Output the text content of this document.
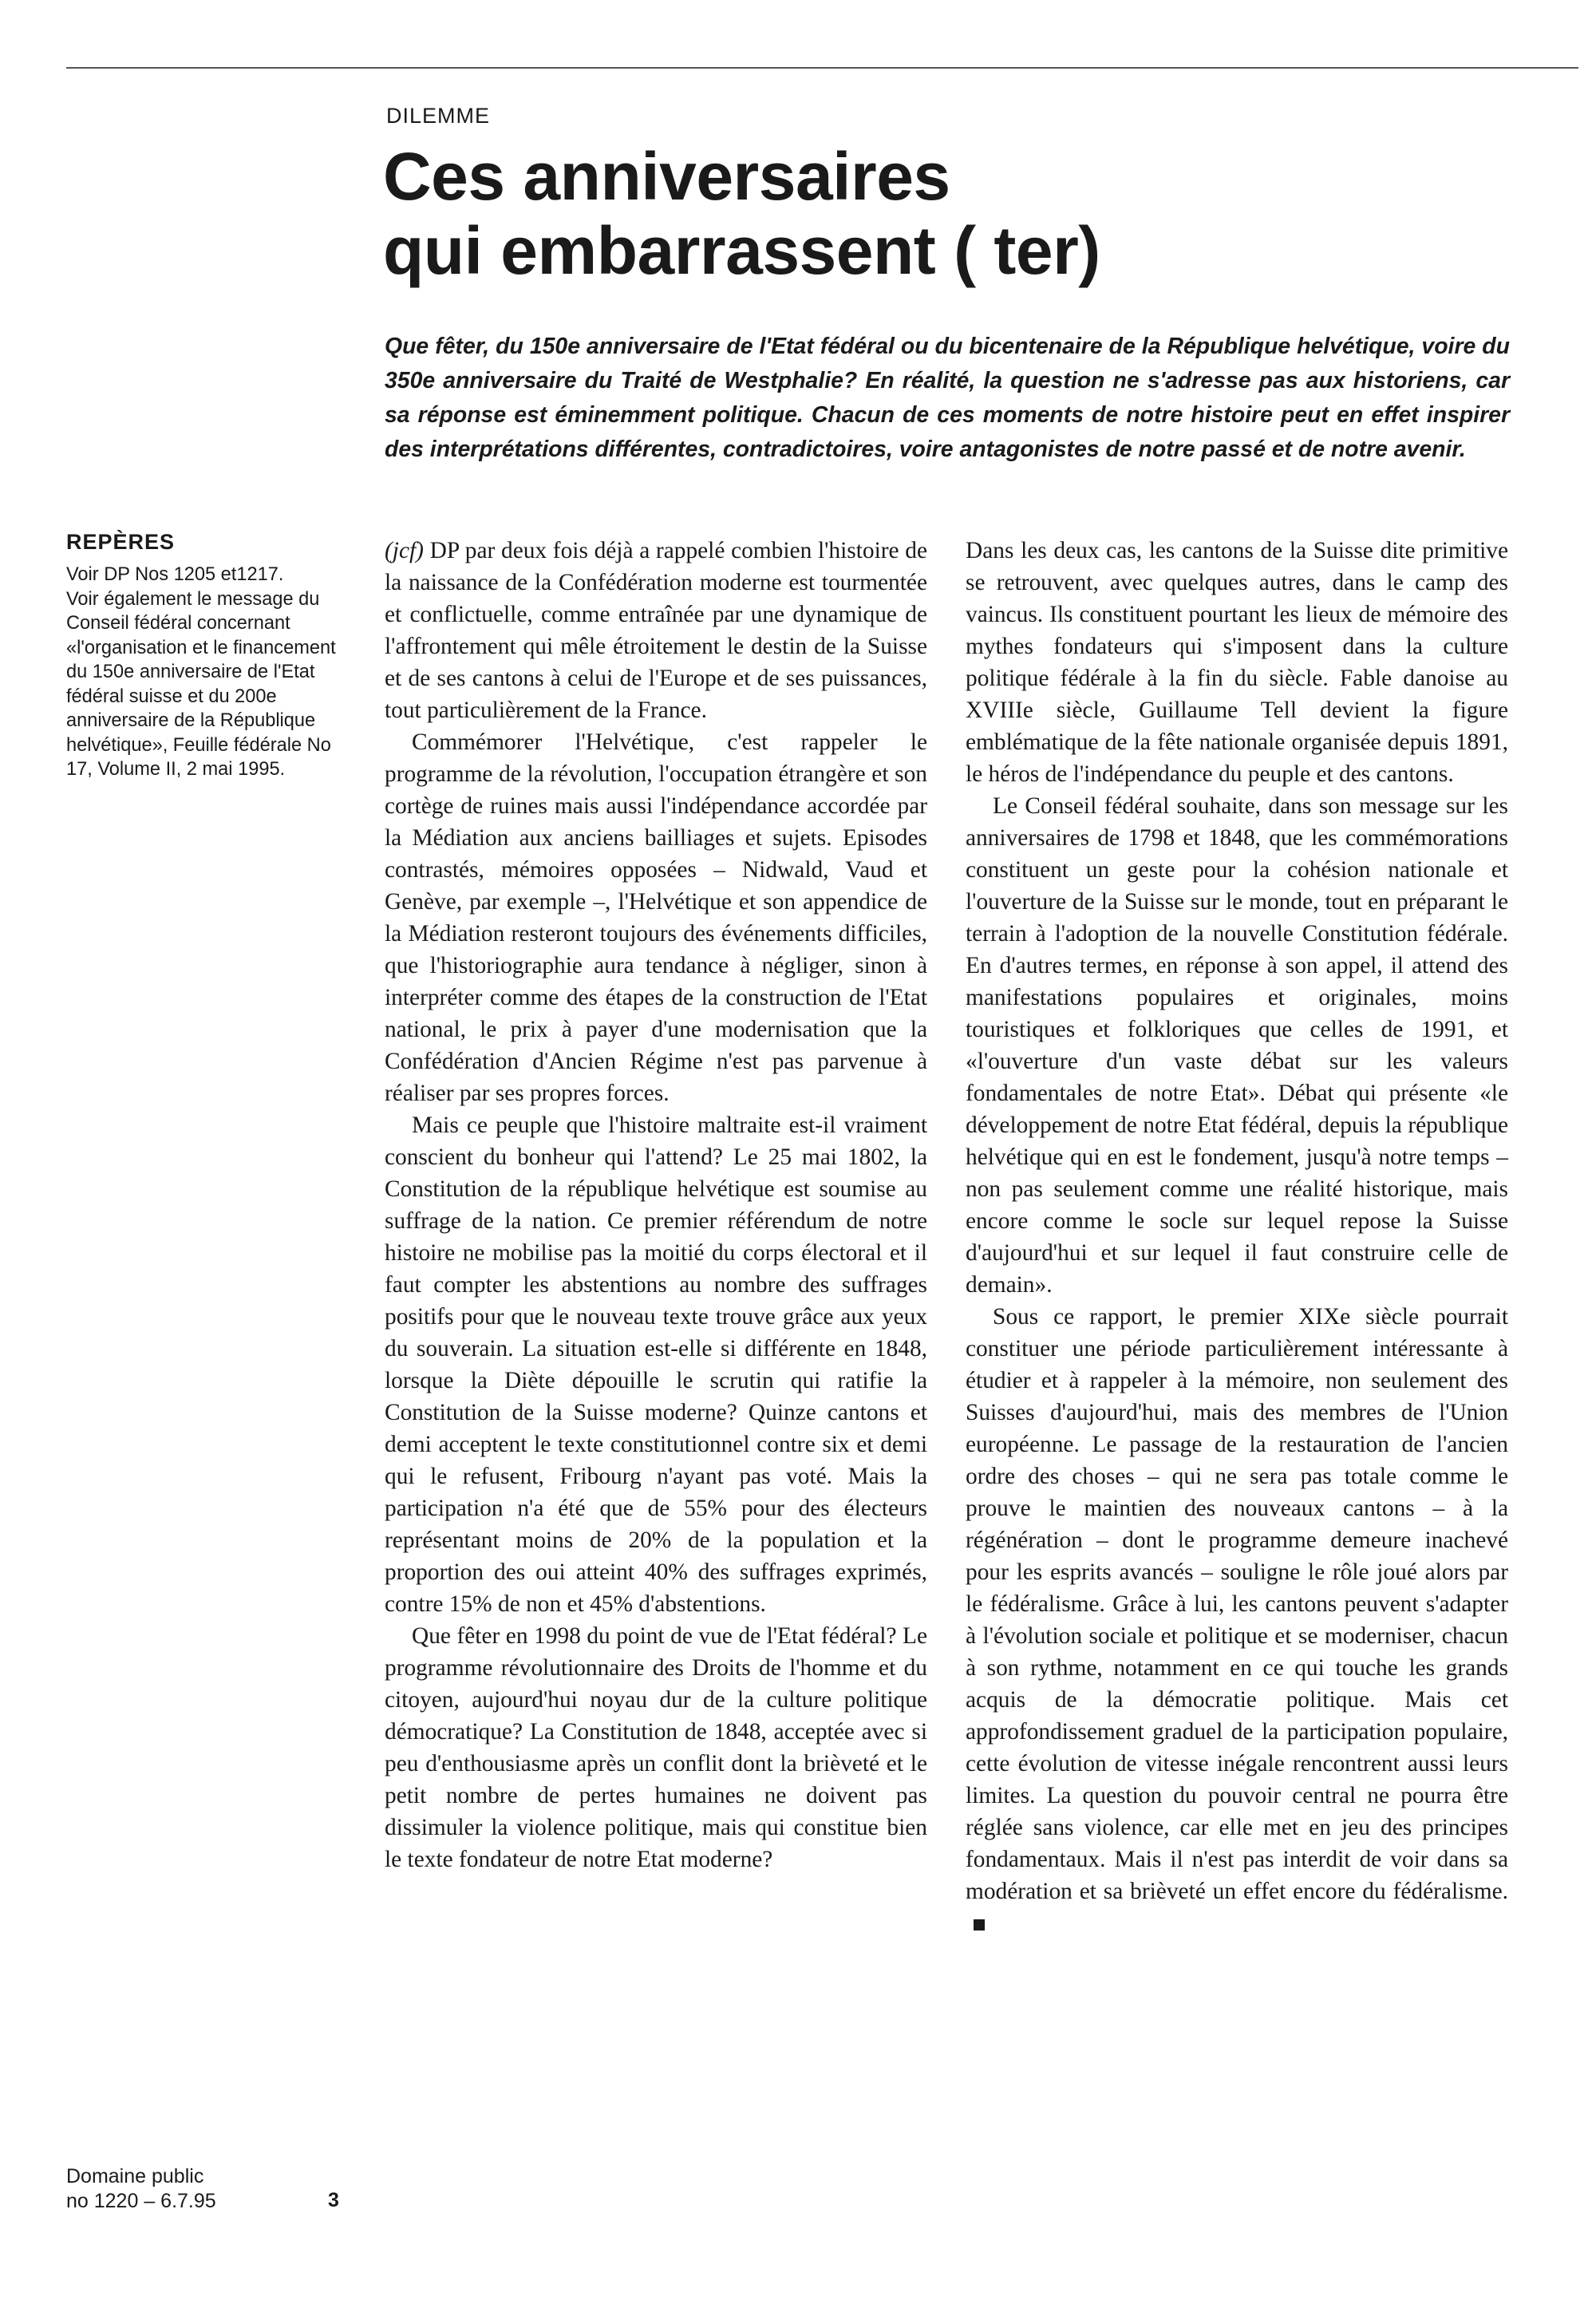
DILEMME
Ces anniversaires
qui embarrassent ( ter)

Que fêter, du 150e anniversaire de l'Etat fédéral ou du bicentenaire de la République helvétique, voire du 350e anniversaire du Traité de Westphalie? En réalité, la question ne s'adresse pas aux historiens, car sa réponse est éminemment politique. Chacun de ces moments de notre histoire peut en effet inspirer des interprétations différentes, contradictoires, voire antagonistes de notre passé et de notre avenir.

REPÈRES

Voir DP Nos 1205 et1217.

Voir également le message du Conseil fédéral concernant «l'organisation et le financement du 150e anniversaire de l'Etat fédéral suisse et du 200e anniversaire de la République helvétique», Feuille fédérale No 17, Volume II, 2 mai 1995.

(jcf) DP par deux fois déjà a rappelé combien l'histoire de la naissance de la Confédération moderne est tourmentée et conflictuelle, comme entraînée par une dynamique de l'affrontement qui mêle étroitement le destin de la Suisse et de ses cantons à celui de l'Europe et de ses puissances, tout particulièrement de la France.

Commémorer l'Helvétique, c'est rappeler le programme de la révolution, l'occupation étrangère et son cortège de ruines mais aussi l'indépendance accordée par la Médiation aux anciens bailliages et sujets. Episodes contrastés, mémoires opposées – Nidwald, Vaud et Genève, par exemple –, l'Helvétique et son appendice de la Médiation resteront toujours des événements difficiles, que l'historiographie aura tendance à négliger, sinon à interpréter comme des étapes de la construction de l'Etat national, le prix à payer d'une modernisation que la Confédération d'Ancien Régime n'est pas parvenue à réaliser par ses propres forces.

Mais ce peuple que l'histoire maltraite est-il vraiment conscient du bonheur qui l'attend? Le 25 mai 1802, la Constitution de la république helvétique est soumise au suffrage de la nation. Ce premier référendum de notre histoire ne mobilise pas la moitié du corps électoral et il faut compter les abstentions au nombre des suffrages positifs pour que le nouveau texte trouve grâce aux yeux du souverain. La situation est-elle si différente en 1848, lorsque la Diète dépouille le scrutin qui ratifie la Constitution de la Suisse moderne? Quinze cantons et demi acceptent le texte constitutionnel contre six et demi qui le refusent, Fribourg n'ayant pas voté. Mais la participation n'a été que de 55% pour des électeurs représentant moins de 20% de la population et la proportion des oui atteint 40% des suffrages exprimés, contre 15% de non et 45% d'abstentions.

Que fêter en 1998 du point de vue de l'Etat fédéral? Le programme révolutionnaire des Droits de l'homme et du citoyen, aujourd'hui noyau dur de la culture politique démocratique? La Constitution de 1848, acceptée avec si peu d'enthousiasme après un conflit dont la brièveté et le petit nombre de pertes humaines ne doivent pas dissimuler la violence politique, mais qui constitue bien le texte fondateur de notre Etat moderne?

Dans les deux cas, les cantons de la Suisse dite primitive se retrouvent, avec quelques autres, dans le camp des vaincus. Ils constituent pourtant les lieux de mémoire des mythes fondateurs qui s'imposent dans la culture politique fédérale à la fin du siècle. Fable danoise au XVIIIe siècle, Guillaume Tell devient la figure emblématique de la fête nationale organisée depuis 1891, le héros de l'indépendance du peuple et des cantons.

Le Conseil fédéral souhaite, dans son message sur les anniversaires de 1798 et 1848, que les commémorations constituent un geste pour la cohésion nationale et l'ouverture de la Suisse sur le monde, tout en préparant le terrain à l'adoption de la nouvelle Constitution fédérale. En d'autres termes, en réponse à son appel, il attend des manifestations populaires et originales, moins touristiques et folkloriques que celles de 1991, et «l'ouverture d'un vaste débat sur les valeurs fondamentales de notre Etat». Débat qui présente «le développement de notre Etat fédéral, depuis la république helvétique qui en est le fondement, jusqu'à notre temps – non pas seulement comme une réalité historique, mais encore comme le socle sur lequel repose la Suisse d'aujourd'hui et sur lequel il faut construire celle de demain».

Sous ce rapport, le premier XIXe siècle pourrait constituer une période particulièrement intéressante à étudier et à rappeler à la mémoire, non seulement des Suisses d'aujourd'hui, mais des membres de l'Union européenne. Le passage de la restauration de l'ancien ordre des choses – qui ne sera pas totale comme le prouve le maintien des nouveaux cantons – à la régénération – dont le programme demeure inachevé pour les esprits avancés – souligne le rôle joué alors par le fédéralisme. Grâce à lui, les cantons peuvent s'adapter à l'évolution sociale et politique et se moderniser, chacun à son rythme, notamment en ce qui touche les grands acquis de la démocratie politique. Mais cet approfondissement graduel de la participation populaire, cette évolution de vitesse inégale rencontrent aussi leurs limites. La question du pouvoir central ne pourra être réglée sans violence, car elle met en jeu des principes fondamentaux. Mais il n'est pas interdit de voir dans sa modération et sa brièveté un effet encore du fédéralisme.

Domaine public
no 1220 – 6.7.95	3
